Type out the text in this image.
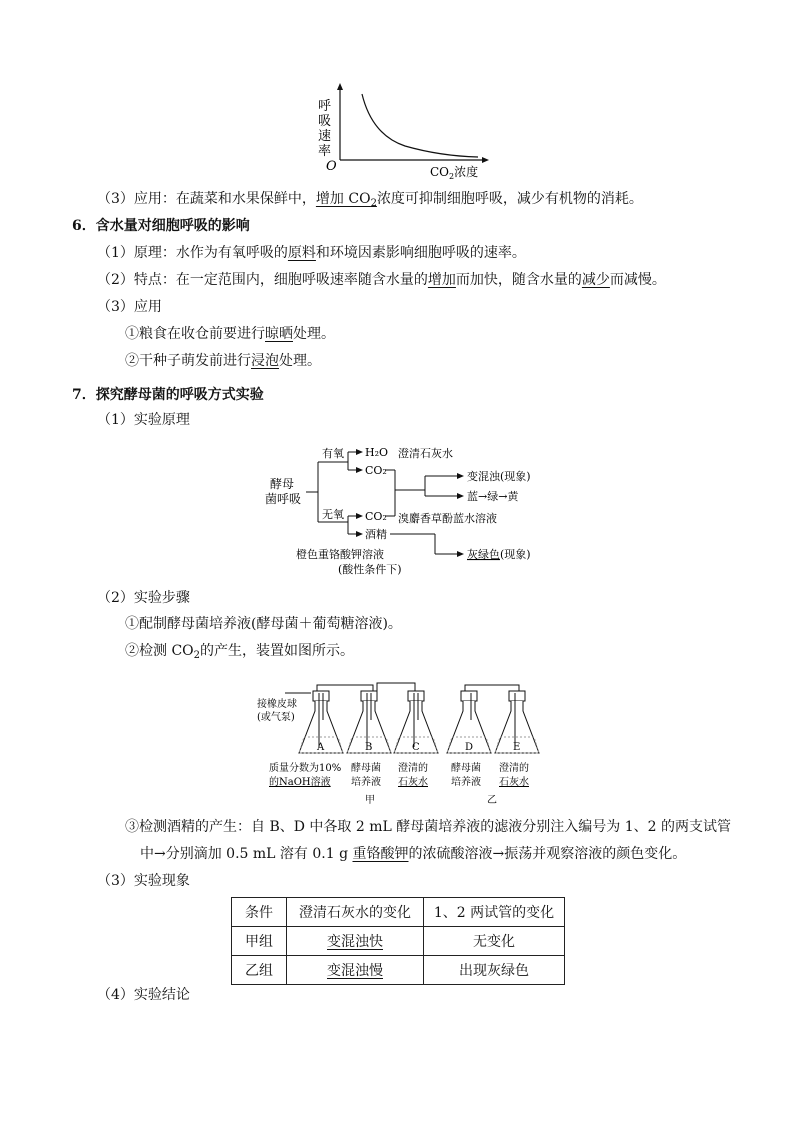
呼
吸
速
率
O	$CO_2$浓度
（3）应用：在蔬菜和水果保鲜中，增加 $CO_2$浓度可抑制细胞呼吸，减少有机物的消耗。
6．含水量对细胞呼吸的影响
（1）原理：水作为有氧呼吸的原料和环境因素影响细胞呼吸的速率。
（2）特点：在一定范围内，细胞呼吸速率随含水量的增加而加快，随含水量的减少而减慢。
（3）应用
①粮食在收仓前要进行晾晒处理。
②干种子萌发前进行浸泡处理。
7．探究酵母菌的呼吸方式实验
（1）实验原理
酵母
菌呼吸
有氧
无氧
H₂O
CO₂
CO₂
酒精
澄清石灰水
变混浊(现象)
蓝→绿→黄
溴麝香草酚蓝水溶液
橙色重铬酸钾溶液
(酸性条件下)
灰绿色(现象)
（2）实验步骤
①配制酵母菌培养液(酵母菌＋葡萄糖溶液)。
②检测 $CO_2$的产生，装置如图所示。
A	B	C	D	E
接橡皮球
(或气泵)
质量分数为10%
的NaOH溶液
酵母菌
培养液
澄清的
石灰水
酵母菌
培养液
澄清的
石灰水
甲	乙
③检测酒精的产生：自 B、D 中各取 2 mL 酵母菌培养液的滤液分别注入编号为 1、2 的两支试管
中→分别滴加 0.5 mL 溶有 0.1 g 重铬酸钾的浓硫酸溶液→振荡并观察溶液的颜色变化。
（3）实验现象
条件	澄清石灰水的变化	1、2 两试管的变化
甲组	变混浊快	无变化
乙组	变混浊慢	出现灰绿色
（4）实验结论
